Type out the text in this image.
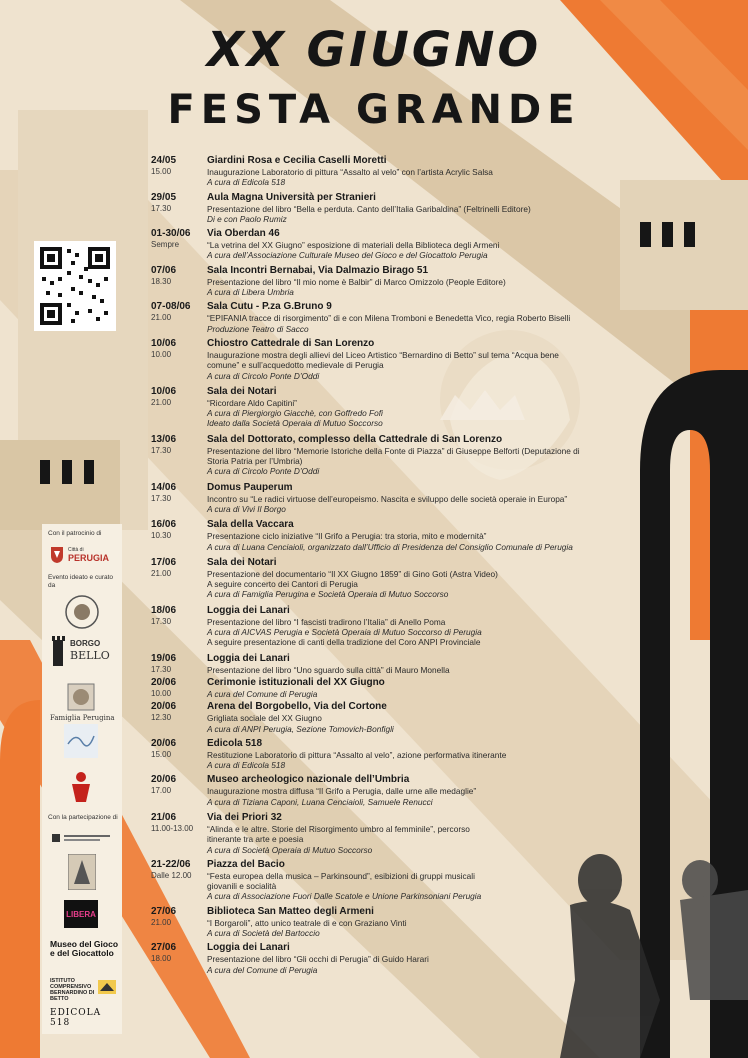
XX GIUGNO
FESTA GRANDE
Con il patrocinio di
Città di
PERUGIA
Evento ideato e curato da
BORGO
BELLO
Famiglia Perugina
Con la partecipazione di
LIBERA
Museo del Gioco e del Giocattolo
ISTITUTO COMPRENSIVO BERNARDINO DI BETTO
EDICOLA 518
24/05
15.00
Giardini Rosa e Cecilia Caselli Moretti
Inaugurazione Laboratorio di pittura “Assalto al velo” con l’artista Acrylic Salsa
A cura di Edicola 518
29/05
17.30
Aula Magna Università per Stranieri
Presentazione del libro “Bella e perduta. Canto dell’Italia Garibaldina” (Feltrinelli Editore)
Di e con Paolo Rumiz
01-30/06
Sempre
Via Oberdan 46
“La vetrina del XX Giugno” esposizione di materiali della Biblioteca degli Armeni
A cura dell’Associazione Culturale Museo del Gioco e del Giocattolo Perugia
07/06
18.30
Sala Incontri Bernabai, Via Dalmazio Birago 51
Presentazione del libro “Il mio nome è Balbir” di Marco Omizzolo (People Editore)
A cura di Libera Umbria
07-08/06
21.00
Sala Cutu - P.za G.Bruno 9
“EPIFANIA tracce di risorgimento” di e con Milena Tromboni e Benedetta Vico, regia Roberto Biselli
Produzione Teatro di Sacco
10/06
10.00
Chiostro Cattedrale di San Lorenzo
Inaugurazione mostra degli allievi del Liceo Artistico “Bernardino di Betto” sul tema “Acqua bene
comune” e sull’acquedotto medievale di Perugia
A cura di Circolo Ponte D’Oddi
10/06
21.00
Sala dei Notari
“Ricordare Aldo Capitini”
A cura di Piergiorgio Giacchè, con Goffredo Fofi
Ideato dalla Società Operaia di Mutuo Soccorso
13/06
17.30
Sala del Dottorato, complesso della Cattedrale di San Lorenzo
Presentazione del libro “Memorie Istoriche della Fonte di Piazza” di Giuseppe Belforti (Deputazione di
Storia Patria per l’Umbria)
A cura di Circolo Ponte D’Oddi
14/06
17.30
Domus Pauperum
Incontro su “Le radici virtuose dell’europeismo. Nascita e sviluppo delle società operaie in Europa”
A cura di Vivi Il Borgo
16/06
10.30
Sala della Vaccara
Presentazione ciclo iniziative “Il Grifo a Perugia: tra storia, mito e modernità”
A cura di Luana Cenciaioli, organizzato dall’Ufficio di Presidenza del Consiglio Comunale di Perugia
17/06
21.00
Sala dei Notari
Presentazione del documentario “Il XX Giugno 1859” di Gino Goti (Astra Video)
A seguire concerto dei Cantori di Perugia
A cura di Famiglia Perugina e Società Operaia di Mutuo Soccorso
18/06
17.30
Loggia dei Lanari
Presentazione del libro “I fascisti tradirono l’Italia” di Anello Poma
A cura di AICVAS Perugia e Società Operaia di Mutuo Soccorso di Perugia
A seguire presentazione di canti della tradizione del Coro ANPI Provinciale
19/06
17.30
Loggia dei Lanari
Presentazione del libro “Uno sguardo sulla città” di Mauro Monella
20/06
10.00
Cerimonie istituzionali del XX Giugno
A cura del Comune di Perugia
20/06
12.30
Arena del Borgobello, Via del Cortone
Grigliata sociale del XX Giugno
A cura di ANPI Perugia, Sezione Tomovich-Bonfigli
20/06
15.00
Edicola 518
Restituzione Laboratorio di pittura “Assalto al velo”, azione performativa itinerante
A cura di Edicola 518
20/06
17.00
Museo archeologico nazionale dell’Umbria
Inaugurazione mostra diffusa “Il Grifo a Perugia, dalle urne alle medaglie”
A cura di Tiziana Caponi, Luana Cenciaioli, Samuele Renucci
21/06
11.00-13.00
Via dei Priori 32
“Alinda e le altre. Storie del Risorgimento umbro al femminile”, percorso
itinerante tra arte e poesia
A cura di Società Operaia di Mutuo Soccorso
21-22/06
Dalle 12.00
Piazza del Bacio
“Festa europea della musica – Parkinsound”, esibizioni di gruppi musicali
giovanili e socialità
A cura di Associazione Fuori Dalle Scatole e Unione Parkinsoniani Perugia
27/06
21.00
Biblioteca San Matteo degli Armeni
“I Borgaroli”, atto unico teatrale di e con Graziano Vinti
A cura di Società del Bartoccio
27/06
18.00
Loggia dei Lanari
Presentazione del libro “Gli occhi di Perugia” di Guido Harari
A cura del Comune di Perugia
